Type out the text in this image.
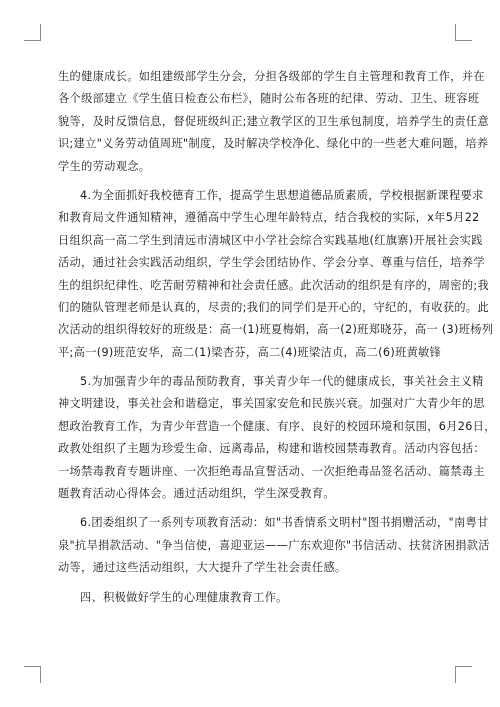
生的健康成长。如组建级部学生分会，分担各级部的学生自主管理和教育工作，并在
各个级部建立《学生值日检查公布栏》，随时公布各班的纪律、劳动、卫生、班容班
貌等，及时反馈信息，督促班级纠正;建立教学区的卫生承包制度，培养学生的责任意
识;建立"义务劳动值周班"制度，及时解决学校净化、绿化中的一些老大难问题，培养
学生的劳动观念。
4.为全面抓好我校德育工作，提高学生思想道德品质素质，学校根据新课程要求
和教育局文件通知精神，遵循高中学生心理年龄特点，结合我校的实际，x年5月22
日组织高一高二学生到清远市清城区中小学社会综合实践基地(红旗寨)开展社会实践
活动，通过社会实践活动组织，学生学会团结协作、学会分享、尊重与信任，培养学
生的组织纪律性、吃苦耐劳精神和社会责任感。此次活动的组织是有序的，周密的;我
们的随队管理老师是认真的，尽责的;我们的同学们是开心的，守纪的，有收获的。此
次活动的组织得较好的班级是：高一(1)班夏梅娟，高一(2)班郑晓芬，高一 (3)班杨列
平;高一(9)班范安华，高二(1)梁杏芬，高二(4)班梁洁贞，高二(6)班黄敏锋
5.为加强青少年的毒品预防教育，事关青少年一代的健康成长，事关社会主义精
神文明建设，事关社会和谐稳定，事关国家安危和民族兴衰。加强对广大青少年的思
想政治教育工作，为青少年营造一个健康、有序、良好的校园环境和氛围，6月26日，
政教处组织了主题为珍爱生命、远离毒品，构建和谐校园禁毒教育。活动内容包括：
一场禁毒教育专题讲座、一次拒绝毒品宣誓活动、一次拒绝毒品签名活动、篇禁毒主
题教育活动心得体会。通过活动组织，学生深受教育。
6.团委组织了一系列专项教育活动：如"书香情系文明村"图书捐赠活动，"南粤甘
泉"抗旱捐款活动、"争当信使，喜迎亚运——广东欢迎你"书信活动、扶贫济困捐款活
动等，通过这些活动组织，大大提升了学生社会责任感。
四、积极做好学生的心理健康教育工作。
